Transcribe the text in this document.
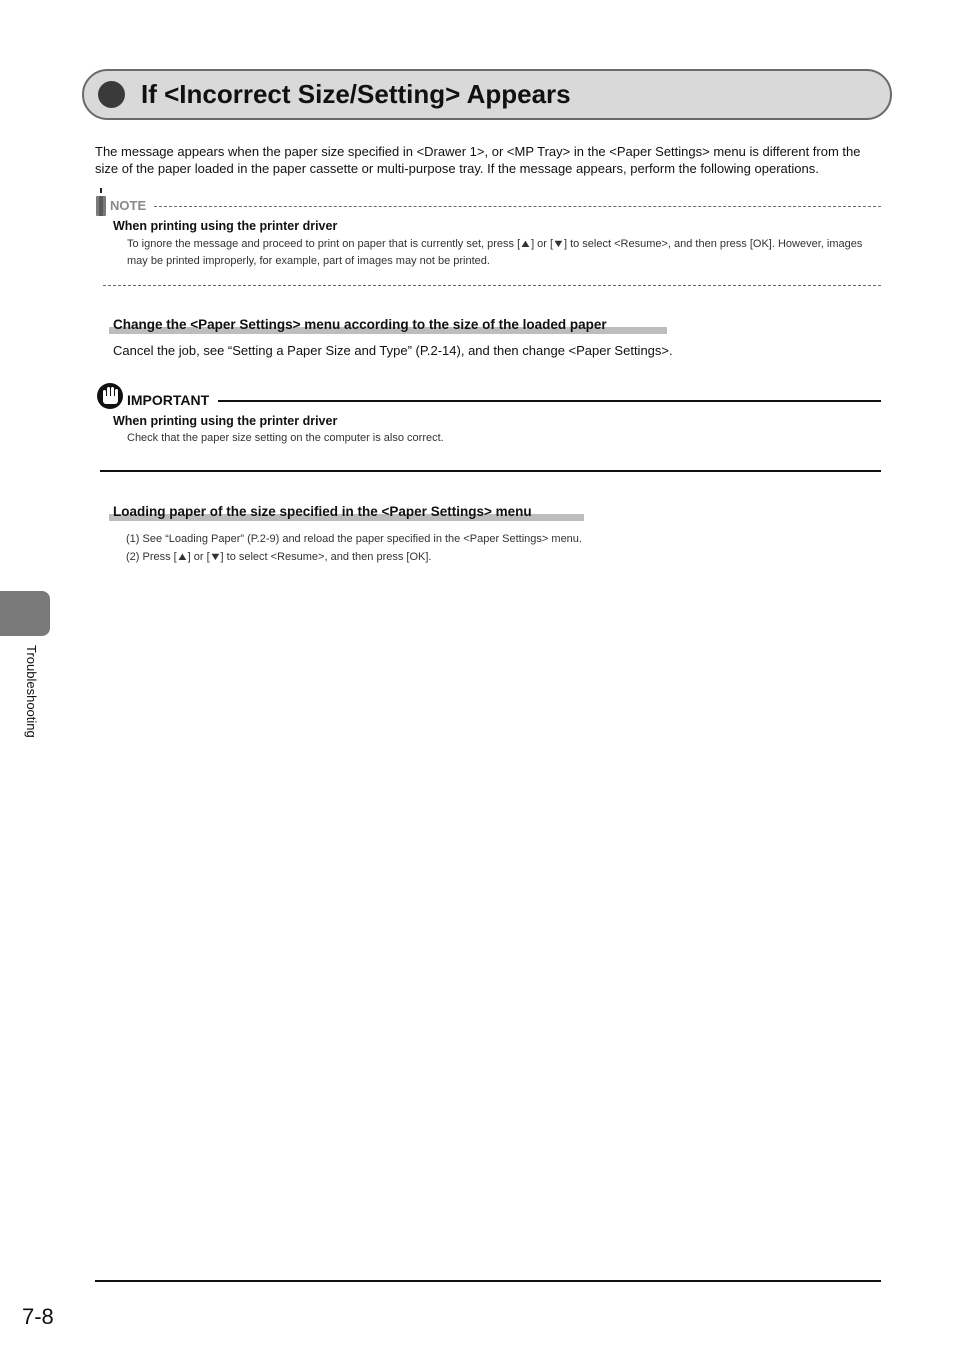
If <Incorrect Size/Setting> Appears
The message appears when the paper size specified in <Drawer 1>, or <MP Tray> in the <Paper Settings> menu is different from the size of the paper loaded in the paper cassette or multi-purpose tray. If the message appears, perform the following operations.
NOTE
When printing using the printer driver
To ignore the message and proceed to print on paper that is currently set, press [▲] or [▼] to select <Resume>, and then press [OK]. However, images may be printed improperly, for example, part of images may not be printed.
Change the <Paper Settings> menu according to the size of the loaded paper
Cancel the job, see “Setting a Paper Size and Type” (P.2-14), and then change <Paper Settings>.
IMPORTANT
When printing using the printer driver
Check that the paper size setting on the computer is also correct.
Loading paper of the size specified in the <Paper Settings> menu
(1) See “Loading Paper” (P.2-9) and reload the paper specified in the <Paper Settings> menu.
(2) Press [▲] or [▼] to select <Resume>, and then press [OK].
Troubleshooting
7-8
